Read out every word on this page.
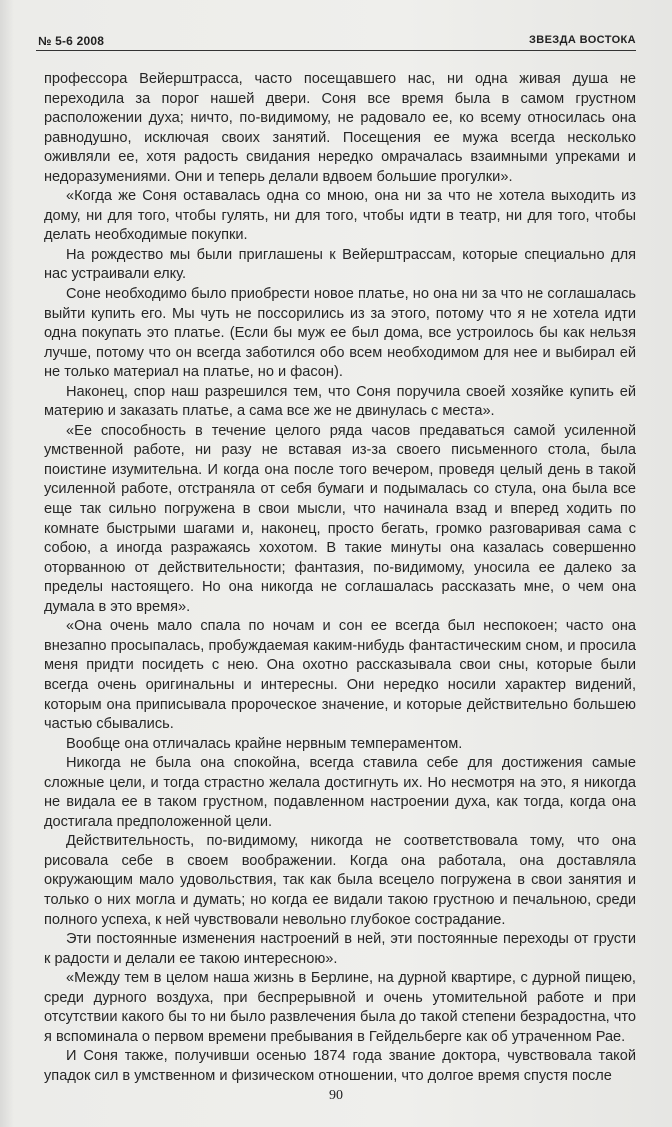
№ 5-6 2008	ЗВЕЗДА ВОСТОКА

профессора Вейерштрасса, часто посещавшего нас, ни одна живая душа не переходила за порог нашей двери. Соня все время была в самом грустном расположении духа; ничто, по-видимому, не радовало ее, ко всему относилась она равнодушно, исключая своих занятий. Посещения ее мужа всегда несколько оживляли ее, хотя радость свидания нередко омрачалась взаимными упреками и недоразумениями. Они и теперь делали вдвоем большие прогулки».

«Когда же Соня оставалась одна со мною, она ни за что не хотела выходить из дому, ни для того, чтобы гулять, ни для того, чтобы идти в театр, ни для того, чтобы делать необходимые покупки.

На рождество мы были приглашены к Вейерштрассам, которые специально для нас устраивали елку.

Соне необходимо было приобрести новое платье, но она ни за что не соглашалась выйти купить его. Мы чуть не поссорились из за этого, потому что я не хотела идти одна покупать это платье. (Если бы муж ее был дома, все устроилось бы как нельзя лучше, потому что он всегда заботился обо всем необходимом для нее и выбирал ей не только материал на платье, но и фасон).

Наконец, спор наш разрешился тем, что Соня поручила своей хозяйке купить ей материю и заказать платье, а сама все же не двинулась с места».

«Ее способность в течение целого ряда часов предаваться самой усиленной умственной работе, ни разу не вставая из-за своего письменного стола, была поистине изумительна. И когда она после того вечером, проведя целый день в такой усиленной работе, отстраняла от себя бумаги и подымалась со стула, она была все еще так сильно погружена в свои мысли, что начинала взад и вперед ходить по комнате быстрыми шагами и, наконец, просто бегать, громко разговаривая сама с собою, а иногда разражаясь хохотом. В такие минуты она казалась совершенно оторванною от действительности; фантазия, по-видимому, уносила ее далеко за пределы настоящего. Но она никогда не соглашалась рассказать мне, о чем она думала в это время».

«Она очень мало спала по ночам и сон ее всегда был неспокоен; часто она внезапно просыпалась, пробуждаемая каким-нибудь фантастическим сном, и просила меня придти посидеть с нею. Она охотно рассказывала свои сны, которые были всегда очень оригинальны и интересны. Они нередко носили характер видений, которым она приписывала пророческое значение, и которые действительно большею частью сбывались.

Вообще она отличалась крайне нервным темпераментом.

Никогда не была она спокойна, всегда ставила себе для достижения самые сложные цели, и тогда страстно желала достигнуть их. Но несмотря на это, я никогда не видала ее в таком грустном, подавленном настроении духа, как тогда, когда она достигала предположенной цели.

Действительность, по-видимому, никогда не соответствовала тому, что она рисовала себе в своем воображении. Когда она работала, она доставляла окружающим мало удовольствия, так как была всецело погружена в свои занятия и только о них могла и думать; но когда ее видали такою грустною и печальною, среди полного успеха, к ней чувствовали невольно глубокое сострадание.

Эти постоянные изменения настроений в ней, эти постоянные переходы от грусти к радости и делали ее такою интересною».

«Между тем в целом наша жизнь в Берлине, на дурной квартире, с дурной пищею, среди дурного воздуха, при беспрерывной и очень утомительной работе и при отсутствии какого бы то ни было развлечения была до такой степени безрадостна, что я вспоминала о первом времени пребывания в Гейдельберге как об утраченном Рае.

И Соня также, получивши осенью 1874 года звание доктора, чувствовала такой упадок сил в умственном и физическом отношении, что долгое время спустя после

90
